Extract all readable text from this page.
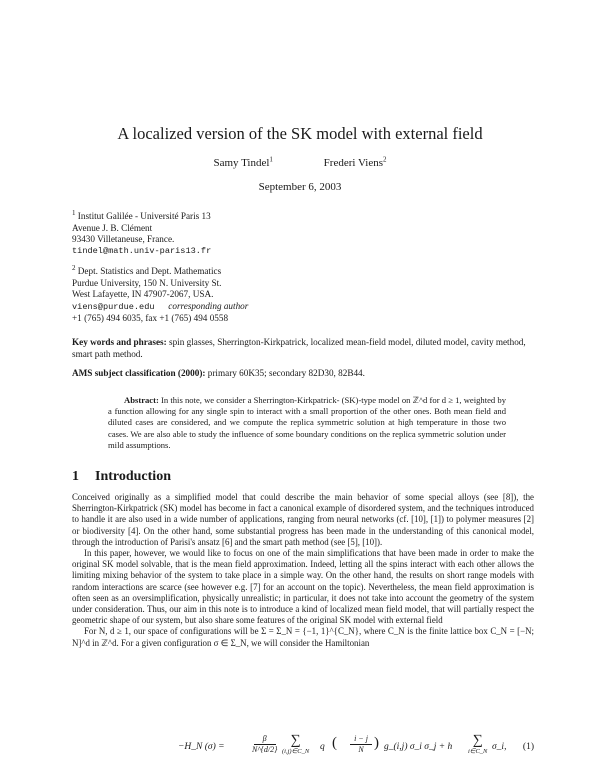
A localized version of the SK model with external field
Samy Tindel$^1$	Frederi Viens$^2$
September 6, 2003
$^1$ Institut Galilée - Université Paris 13
Avenue J. B. Clément
93430 Villetaneuse, France.
tindel@math.univ-paris13.fr
$^2$ Dept. Statistics and Dept. Mathematics
Purdue University, 150 N. University St.
West Lafayette, IN 47907-2067, USA.
viens@purdue.edu corresponding author
+1 (765) 494 6035, fax +1 (765) 494 0558
Key words and phrases: spin glasses, Sherrington-Kirkpatrick, localized mean-field model, diluted model, cavity method, smart path method.
AMS subject classification (2000): primary 60K35; secondary 82D30, 82B44.
Abstract: In this note, we consider a Sherrington-Kirkpatrick- (SK)-type model on ℤ^d for d ≥ 1, weighted by a function allowing for any single spin to interact with a small proportion of the other ones. Both mean field and diluted cases are considered, and we compute the replica symmetric solution at high temperature in those two cases. We are also able to study the influence of some boundary conditions on the replica symmetric solution under mild assumptions.
1 Introduction

Conceived originally as a simplified model that could describe the main behavior of some special alloys (see [8]), the Sherrington-Kirkpatrick (SK) model has become in fact a canonical example of disordered system, and the techniques introduced to handle it are also used in a wide number of applications, ranging from neural networks (cf. [10], [1]) to polymer measures [2] or biodiversity [4]. On the other hand, some substantial progress has been made in the understanding of this canonical model, through the introduction of Parisi's ansatz [6] and the smart path method (see [5], [10]).

In this paper, however, we would like to focus on one of the main simplifications that have been made in order to make the original SK model solvable, that is the mean field approximation. Indeed, letting all the spins interact with each other allows the limiting mixing behavior of the system to take place in a simple way. On the other hand, the results on short range models with random interactions are scarce (see however e.g. [7] for an account on the topic). Nevertheless, the mean field approximation is often seen as an oversimplification, physically unrealistic; in particular, it does not take into account the geometry of the system under consideration. Thus, our aim in this note is to introduce a kind of localized mean field model, that will partially respect the geometric shape of our system, but also share some features of the original SK model with external field

For N, d ≥ 1, our space of configurations will be Σ = Σ_N = {−1, 1}^{C_N}, where C_N is the finite lattice box C_N = [−N; N]^d in ℤ^d. For a given configuration σ ∈ Σ_N, we will consider the Hamiltonian

−H_N (σ) =
β
N^{d/2}
∑
(i,j)∈C_N q (	i − j
N ) g_(i,j) σ_i σ_j + h	∑
i∈C_N σ_i, (1)
